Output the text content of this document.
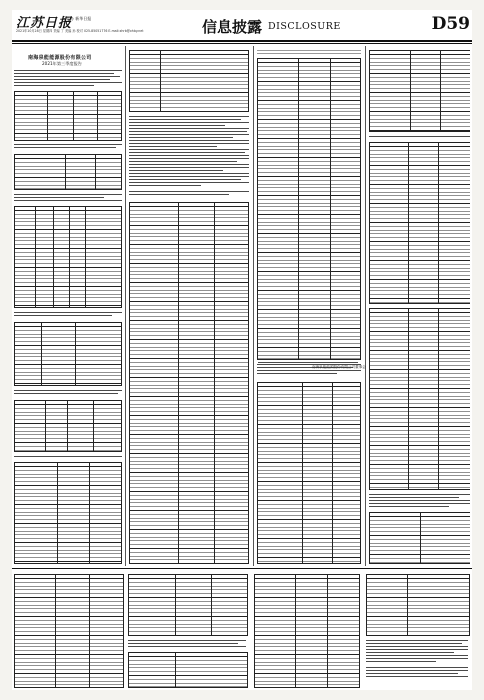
江苏日报
主办 新华日报
2021年10月28日 星期四 责编 丁 美编 孙 校对 025-85051776 E-mail:xhrb@xhby.net	信息披露 DISCLOSURE	D59
南海泉能能源股份有限公司
2021年第三季度报告
南海泉能能源股份有限公司董事会
